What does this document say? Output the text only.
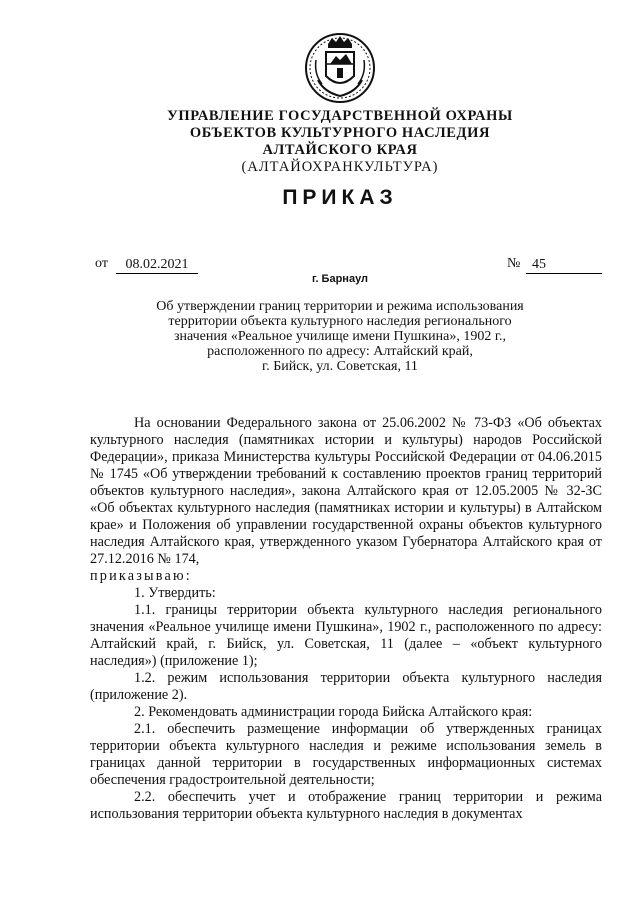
УПРАВЛЕНИЕ ГОСУДАРСТВЕННОЙ ОХРАНЫ
ОБЪЕКТОВ КУЛЬТУРНОГО НАСЛЕДИЯ
АЛТАЙСКОГО КРАЯ
(АЛТАЙОХРАНКУЛЬТУРА)
ПРИКАЗ
от	08.02.2021	№ 45
г. Барнаул
Об утверждении границ территории и режима использования
территории объекта культурного наследия регионального
значения «Реальное училище имени Пушкина», 1902 г.,
расположенного по адресу: Алтайский край,
г. Бийск, ул. Советская, 11

На основании Федерального закона от 25.06.2002 № 73-ФЗ «Об объектах культурного наследия (памятниках истории и культуры) народов Российской Федерации», приказа Министерства культуры Российской Федерации от 04.06.2015 № 1745 «Об утверждении требований к составлению проектов границ территорий объектов культурного наследия», закона Алтайского края от 12.05.2005 № 32-ЗС «Об объектах культурного наследия (памятниках истории и культуры) в Алтайском крае» и Положения об управлении государственной охраны объектов культурного наследия Алтайского края, утвержденного указом Губернатора Алтайского края от 27.12.2016 № 174,

приказываю:

1. Утвердить:

1.1. границы территории объекта культурного наследия регионального значения «Реальное училище имени Пушкина», 1902 г., расположенного по адресу: Алтайский край, г. Бийск, ул. Советская, 11 (далее – «объект культурного наследия») (приложение 1);

1.2. режим использования территории объекта культурного наследия (приложение 2).

2. Рекомендовать администрации города Бийска Алтайского края:

2.1. обеспечить размещение информации об утвержденных границах территории объекта культурного наследия и режиме использования земель в границах данной территории в государственных информационных системах обеспечения градостроительной деятельности;

2.2. обеспечить учет и отображение границ территории и режима использования территории объекта культурного наследия в документах
